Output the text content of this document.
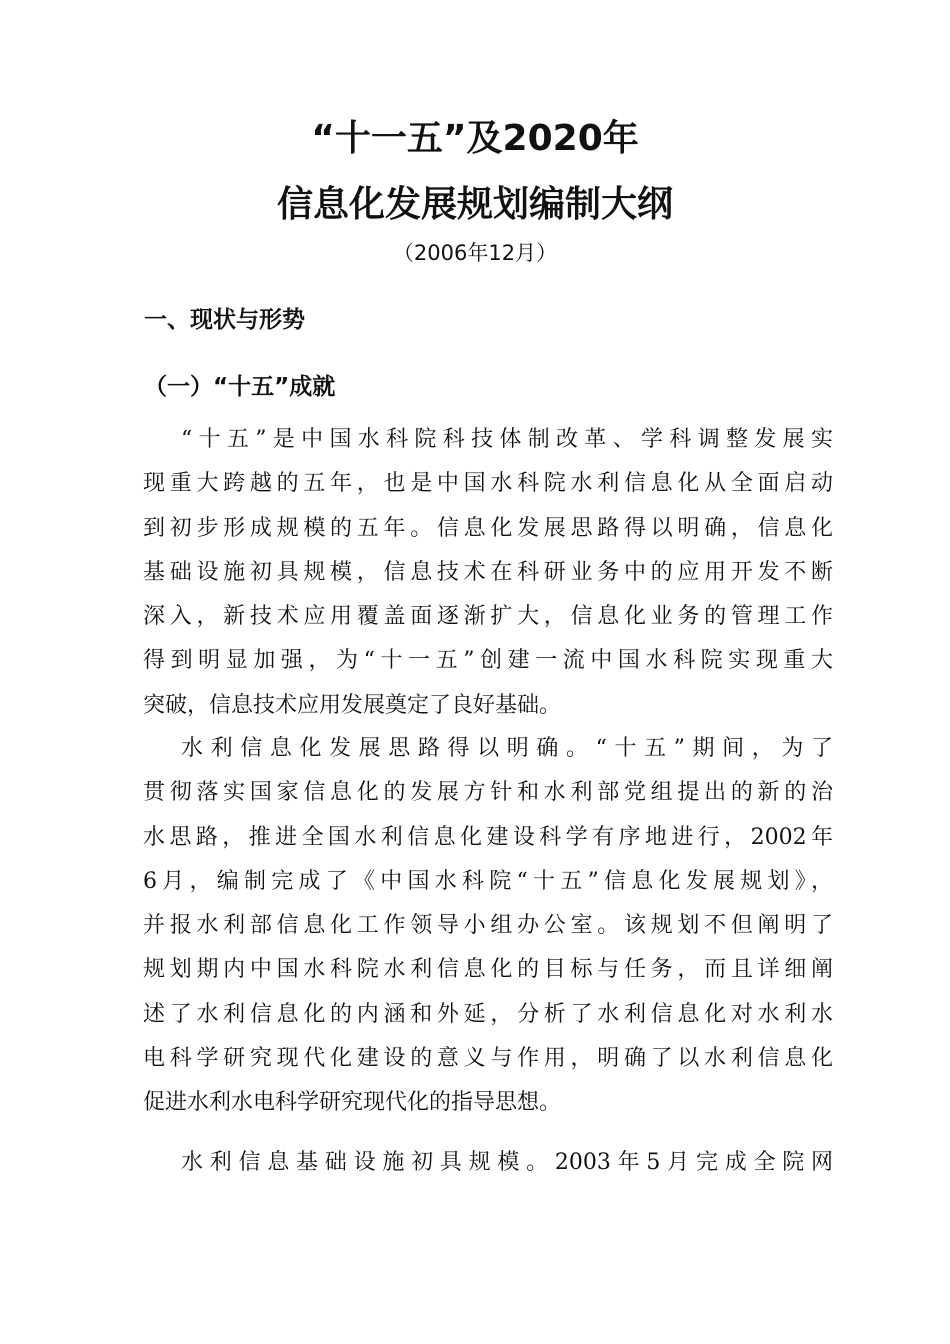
“十一五”及2020年
信息化发展规划编制大纲
（2006年12月）
一、现状与形势
（一）“十五”成就
“十五”是中国水科院科技体制改革、学科调整发展实
现重大跨越的五年，也是中国水科院水利信息化从全面启动
到初步形成规模的五年。信息化发展思路得以明确，信息化
基础设施初具规模，信息技术在科研业务中的应用开发不断
深入，新技术应用覆盖面逐渐扩大，信息化业务的管理工作
得到明显加强，为“十一五”创建一流中国水科院实现重大
突破，信息技术应用发展奠定了良好基础。
水利信息化发展思路得以明确。“十五”期间，为了
贯彻落实国家信息化的发展方针和水利部党组提出的新的治
水思路，推进全国水利信息化建设科学有序地进行，2002年
6月，编制完成了《中国水科院“十五”信息化发展规划》，
并报水利部信息化工作领导小组办公室。该规划不但阐明了
规划期内中国水科院水利信息化的目标与任务，而且详细阐
述了水利信息化的内涵和外延，分析了水利信息化对水利水
电科学研究现代化建设的意义与作用，明确了以水利信息化
促进水利水电科学研究现代化的指导思想。
水利信息基础设施初具规模。2003年5月完成全院网
